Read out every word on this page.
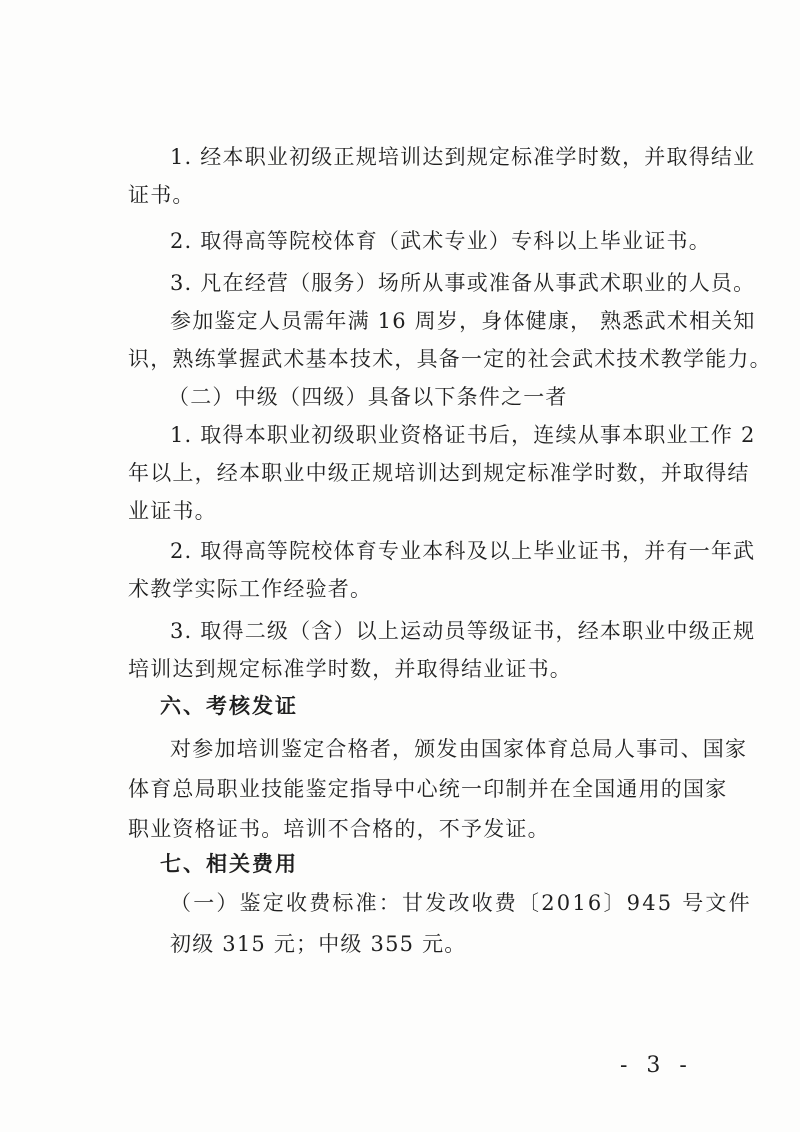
1. 经本职业初级正规培训达到规定标准学时数，并取得结业

证书。

2. 取得高等院校体育（武术专业）专科以上毕业证书。

3. 凡在经营（服务）场所从事或准备从事武术职业的人员。

参加鉴定人员需年满 16 周岁，身体健康， 熟悉武术相关知

识，熟练掌握武术基本技术，具备一定的社会武术技术教学能力。

（二）中级（四级）具备以下条件之一者

1. 取得本职业初级职业资格证书后，连续从事本职业工作 2

年以上，经本职业中级正规培训达到规定标准学时数，并取得结

业证书。

2. 取得高等院校体育专业本科及以上毕业证书，并有一年武

术教学实际工作经验者。

3. 取得二级（含）以上运动员等级证书，经本职业中级正规

培训达到规定标准学时数，并取得结业证书。

六、考核发证

对参加培训鉴定合格者，颁发由国家体育总局人事司、国家

体育总局职业技能鉴定指导中心统一印制并在全国通用的国家

职业资格证书。培训不合格的，不予发证。

七、相关费用

（一）鉴定收费标准：甘发改收费〔2016〕945 号文件

初级 315 元；中级 355 元。

- 3 -
